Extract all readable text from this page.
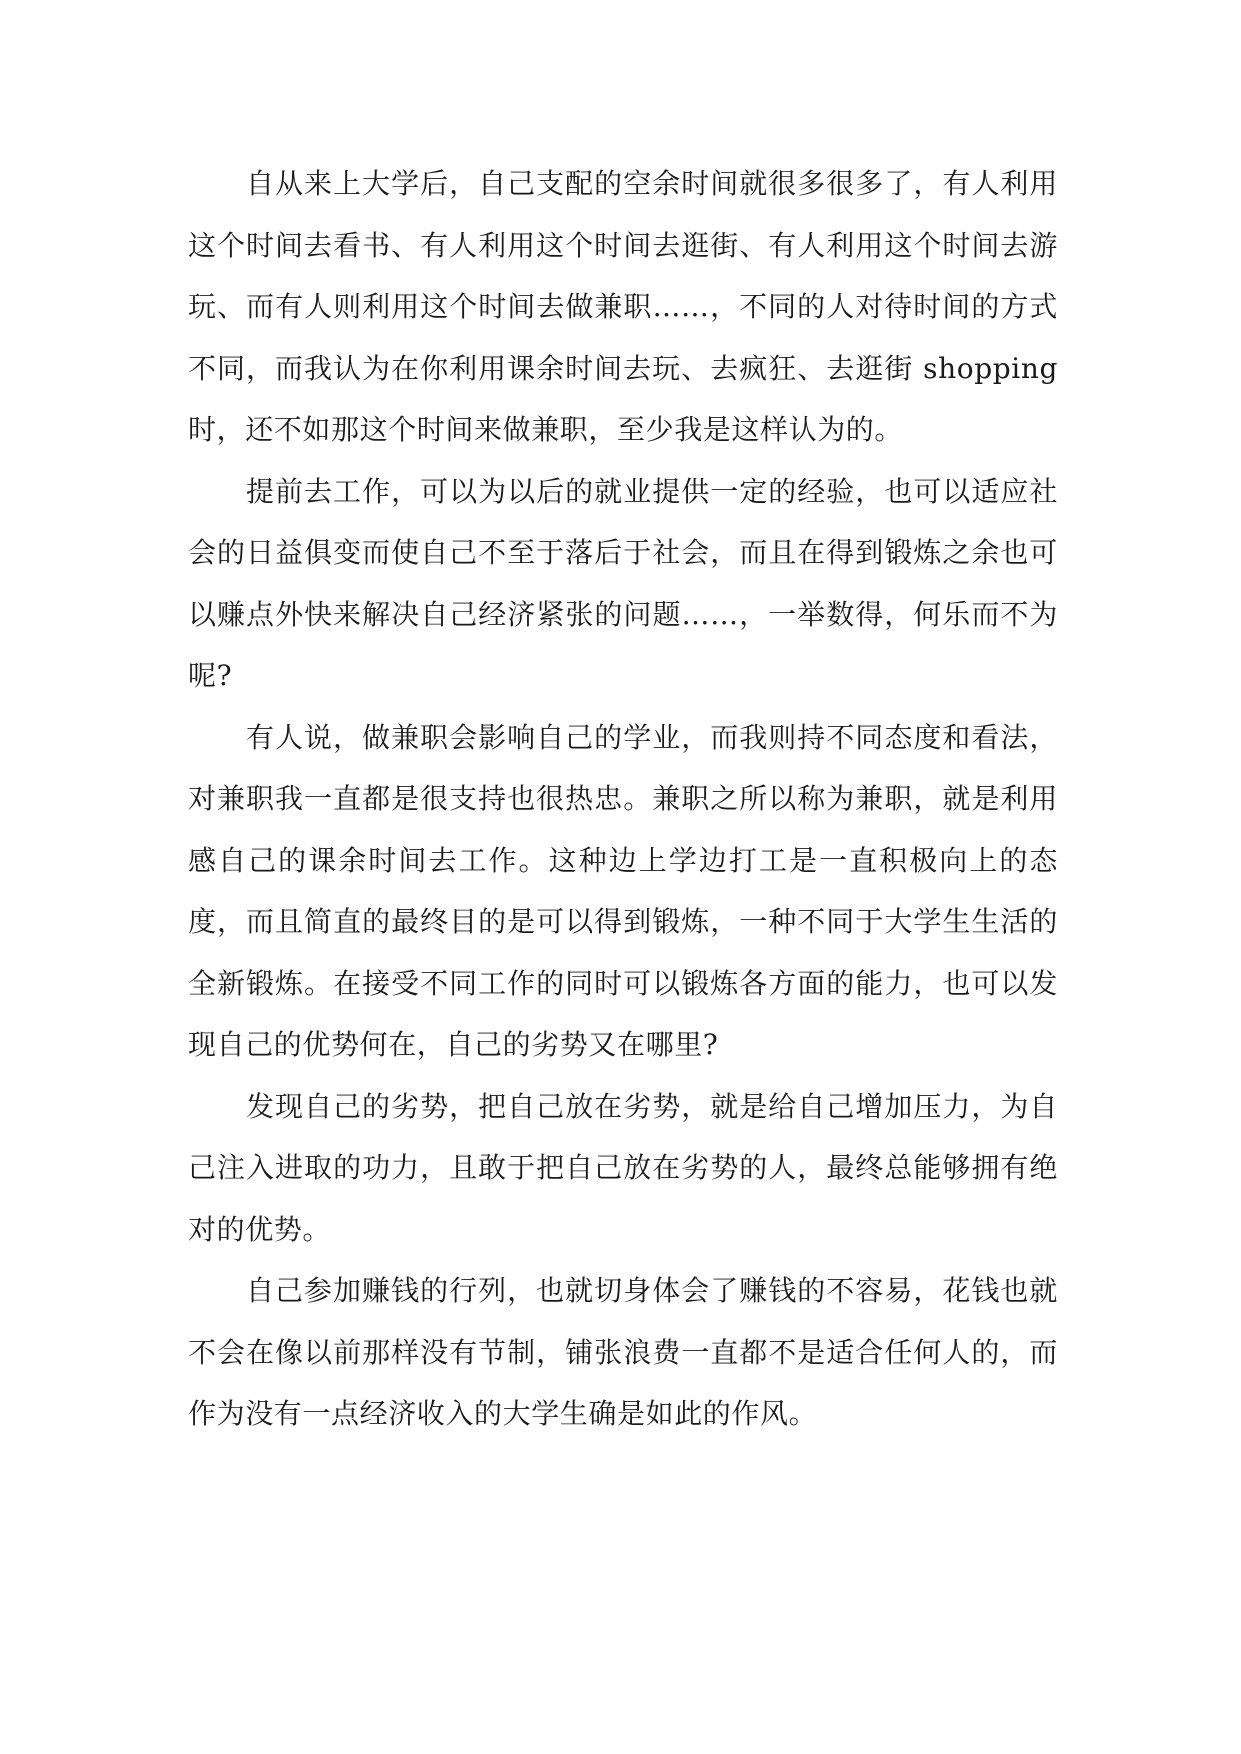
自从来上大学后，自己支配的空余时间就很多很多了，有人利用这个时间去看书、有人利用这个时间去逛街、有人利用这个时间去游玩、而有人则利用这个时间去做兼职……，不同的人对待时间的方式不同，而我认为在你利用课余时间去玩、去疯狂、去逛街 shopping 时，还不如那这个时间来做兼职，至少我是这样认为的。

提前去工作，可以为以后的就业提供一定的经验，也可以适应社会的日益俱变而使自己不至于落后于社会，而且在得到锻炼之余也可以赚点外快来解决自己经济紧张的问题……，一举数得，何乐而不为呢?

有人说，做兼职会影响自己的学业，而我则持不同态度和看法，对兼职我一直都是很支持也很热忠。兼职之所以称为兼职，就是利用感自己的课余时间去工作。这种边上学边打工是一直积极向上的态度，而且简直的最终目的是可以得到锻炼，一种不同于大学生生活的全新锻炼。在接受不同工作的同时可以锻炼各方面的能力，也可以发现自己的优势何在，自己的劣势又在哪里?

发现自己的劣势，把自己放在劣势，就是给自己增加压力，为自己注入进取的功力，且敢于把自己放在劣势的人，最终总能够拥有绝对的优势。

自己参加赚钱的行列，也就切身体会了赚钱的不容易，花钱也就不会在像以前那样没有节制，铺张浪费一直都不是适合任何人的，而作为没有一点经济收入的大学生确是如此的作风。
